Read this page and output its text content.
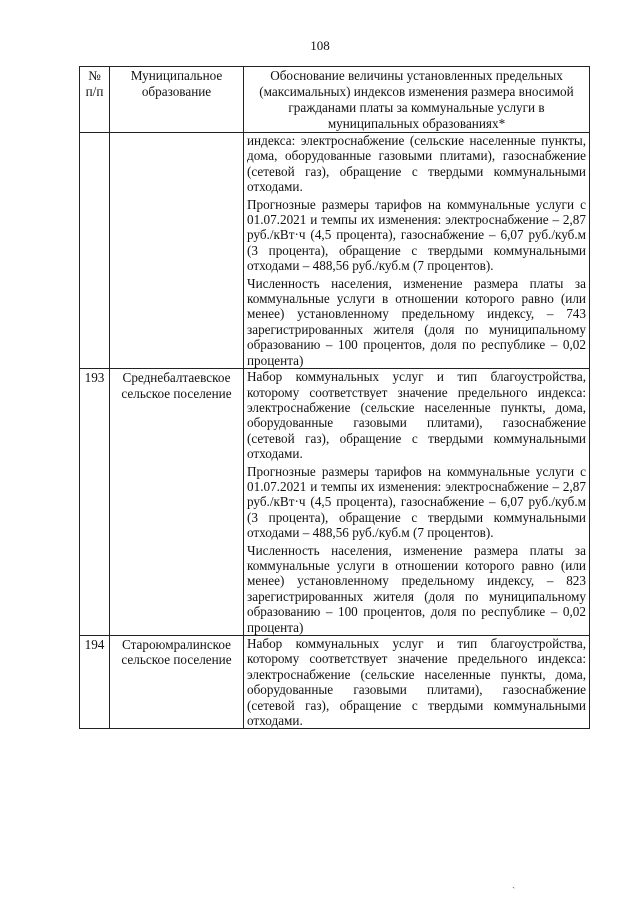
108
№ п/п	Муниципальное образование	Обоснование величины установленных предельных (максимальных) индексов изменения размера вносимой гражданами платы за коммунальные услуги в муниципальных образованиях*

		индекса: электроснабжение (сельские населенные пункты, дома, оборудованные газовыми плитами), газоснабжение (сетевой газ), обращение с твердыми коммунальными отходами.

Прогнозные размеры тарифов на коммунальные услуги с 01.07.2021 и темпы их изменения: электроснабжение – 2,87 руб./кВт·ч (4,5 процента), газоснабжение – 6,07 руб./куб.м (3 процента), обращение с твердыми коммунальными отходами – 488,56 руб./куб.м (7 процентов).

Численность населения, изменение размера платы за коммунальные услуги в отношении которого равно (или менее) установленному предельному индексу, – 743 зарегистрированных жителя (доля по муниципальному образованию – 100 процентов, доля по республике – 0,02 процента)

193	Среднебалтаевское сельское поселение	Набор коммунальных услуг и тип благоустройства, которому соответствует значение предельного индекса: электроснабжение (сельские населенные пункты, дома, оборудованные газовыми плитами), газоснабжение (сетевой газ), обращение с твердыми коммунальными отходами.

Прогнозные размеры тарифов на коммунальные услуги с 01.07.2021 и темпы их изменения: электроснабжение – 2,87 руб./кВт·ч (4,5 процента), газоснабжение – 6,07 руб./куб.м (3 процента), обращение с твердыми коммунальными отходами – 488,56 руб./куб.м (7 процентов).

Численность населения, изменение размера платы за коммунальные услуги в отношении которого равно (или менее) установленному предельному индексу, – 823 зарегистрированных жителя (доля по муниципальному образованию – 100 процентов, доля по республике – 0,02 процента)

194	Староюмралинское сельское поселение	Набор коммунальных услуг и тип благоустройства, которому соответствует значение предельного индекса: электроснабжение (сельские населенные пункты, дома, оборудованные газовыми плитами), газоснабжение (сетевой газ), обращение с твердыми коммунальными отходами.

ˎ
